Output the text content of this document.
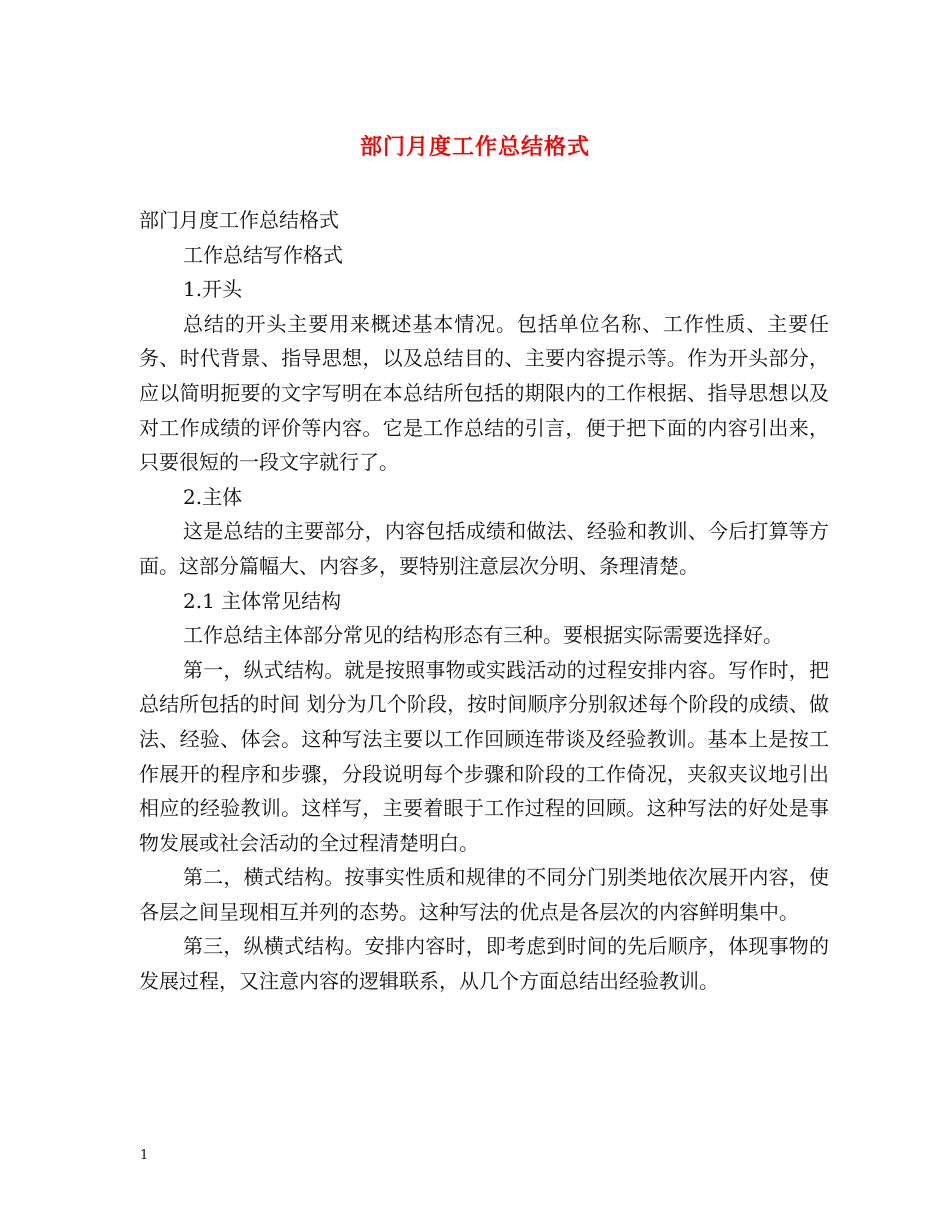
部门月度工作总结格式

部门月度工作总结格式

工作总结写作格式

1.开头

总结的开头主要用来概述基本情况。包括单位名称、工作性质、主要任务、时代背景、指导思想，以及总结目的、主要内容提示等。作为开头部分，应以简明扼要的文字写明在本总结所包括的期限内的工作根据、指导思想以及对工作成绩的评价等内容。它是工作总结的引言，便于把下面的内容引出来，只要很短的一段文字就行了。

2.主体

这是总结的主要部分，内容包括成绩和做法、经验和教训、今后打算等方面。这部分篇幅大、内容多，要特别注意层次分明、条理清楚。

2.1 主体常见结构

工作总结主体部分常见的结构形态有三种。要根据实际需要选择好。

第一，纵式结构。就是按照事物或实践活动的过程安排内容。写作时，把总结所包括的时间 划分为几个阶段，按时间顺序分别叙述每个阶段的成绩、做法、经验、体会。这种写法主要以工作回顾连带谈及经验教训。基本上是按工作展开的程序和步骤，分段说明每个步骤和阶段的工作倚况，夹叙夹议地引出相应的经验教训。这样写，主要着眼于工作过程的回顾。这种写法的好处是事物发展或社会活动的全过程清楚明白。

第二，横式结构。按事实性质和规律的不同分门别类地依次展开内容，使各层之间呈现相互并列的态势。这种写法的优点是各层次的内容鲜明集中。

第三，纵横式结构。安排内容时，即考虑到时间的先后顺序，体现事物的发展过程，又注意内容的逻辑联系，从几个方面总结出经验教训。

1
